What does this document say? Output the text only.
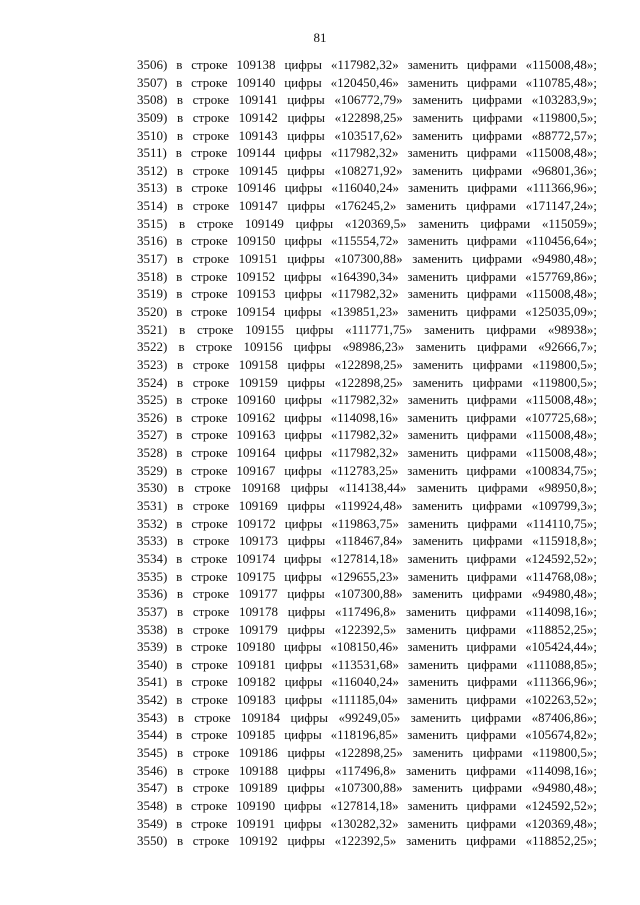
81
3506) в строке 109138 цифры «117982,32» заменить цифрами «115008,48»;
3507) в строке 109140 цифры «120450,46» заменить цифрами «110785,48»;
3508) в строке 109141 цифры «106772,79» заменить цифрами «103283,9»;
3509) в строке 109142 цифры «122898,25» заменить цифрами «119800,5»;
3510) в строке 109143 цифры «103517,62» заменить цифрами «88772,57»;
3511) в строке 109144 цифры «117982,32» заменить цифрами «115008,48»;
3512) в строке 109145 цифры «108271,92» заменить цифрами «96801,36»;
3513) в строке 109146 цифры «116040,24» заменить цифрами «111366,96»;
3514) в строке 109147 цифры «176245,2» заменить цифрами «171147,24»;
3515) в строке 109149 цифры «120369,5» заменить цифрами «115059»;
3516) в строке 109150 цифры «115554,72» заменить цифрами «110456,64»;
3517) в строке 109151 цифры «107300,88» заменить цифрами «94980,48»;
3518) в строке 109152 цифры «164390,34» заменить цифрами «157769,86»;
3519) в строке 109153 цифры «117982,32» заменить цифрами «115008,48»;
3520) в строке 109154 цифры «139851,23» заменить цифрами «125035,09»;
3521) в строке 109155 цифры «111771,75» заменить цифрами «98938»;
3522) в строке 109156 цифры «98986,23» заменить цифрами «92666,7»;
3523) в строке 109158 цифры «122898,25» заменить цифрами «119800,5»;
3524) в строке 109159 цифры «122898,25» заменить цифрами «119800,5»;
3525) в строке 109160 цифры «117982,32» заменить цифрами «115008,48»;
3526) в строке 109162 цифры «114098,16» заменить цифрами «107725,68»;
3527) в строке 109163 цифры «117982,32» заменить цифрами «115008,48»;
3528) в строке 109164 цифры «117982,32» заменить цифрами «115008,48»;
3529) в строке 109167 цифры «112783,25» заменить цифрами «100834,75»;
3530) в строке 109168 цифры «114138,44» заменить цифрами «98950,8»;
3531) в строке 109169 цифры «119924,48» заменить цифрами «109799,3»;
3532) в строке 109172 цифры «119863,75» заменить цифрами «114110,75»;
3533) в строке 109173 цифры «118467,84» заменить цифрами «115918,8»;
3534) в строке 109174 цифры «127814,18» заменить цифрами «124592,52»;
3535) в строке 109175 цифры «129655,23» заменить цифрами «114768,08»;
3536) в строке 109177 цифры «107300,88» заменить цифрами «94980,48»;
3537) в строке 109178 цифры «117496,8» заменить цифрами «114098,16»;
3538) в строке 109179 цифры «122392,5» заменить цифрами «118852,25»;
3539) в строке 109180 цифры «108150,46» заменить цифрами «105424,44»;
3540) в строке 109181 цифры «113531,68» заменить цифрами «111088,85»;
3541) в строке 109182 цифры «116040,24» заменить цифрами «111366,96»;
3542) в строке 109183 цифры «111185,04» заменить цифрами «102263,52»;
3543) в строке 109184 цифры «99249,05» заменить цифрами «87406,86»;
3544) в строке 109185 цифры «118196,85» заменить цифрами «105674,82»;
3545) в строке 109186 цифры «122898,25» заменить цифрами «119800,5»;
3546) в строке 109188 цифры «117496,8» заменить цифрами «114098,16»;
3547) в строке 109189 цифры «107300,88» заменить цифрами «94980,48»;
3548) в строке 109190 цифры «127814,18» заменить цифрами «124592,52»;
3549) в строке 109191 цифры «130282,32» заменить цифрами «120369,48»;
3550) в строке 109192 цифры «122392,5» заменить цифрами «118852,25»;
